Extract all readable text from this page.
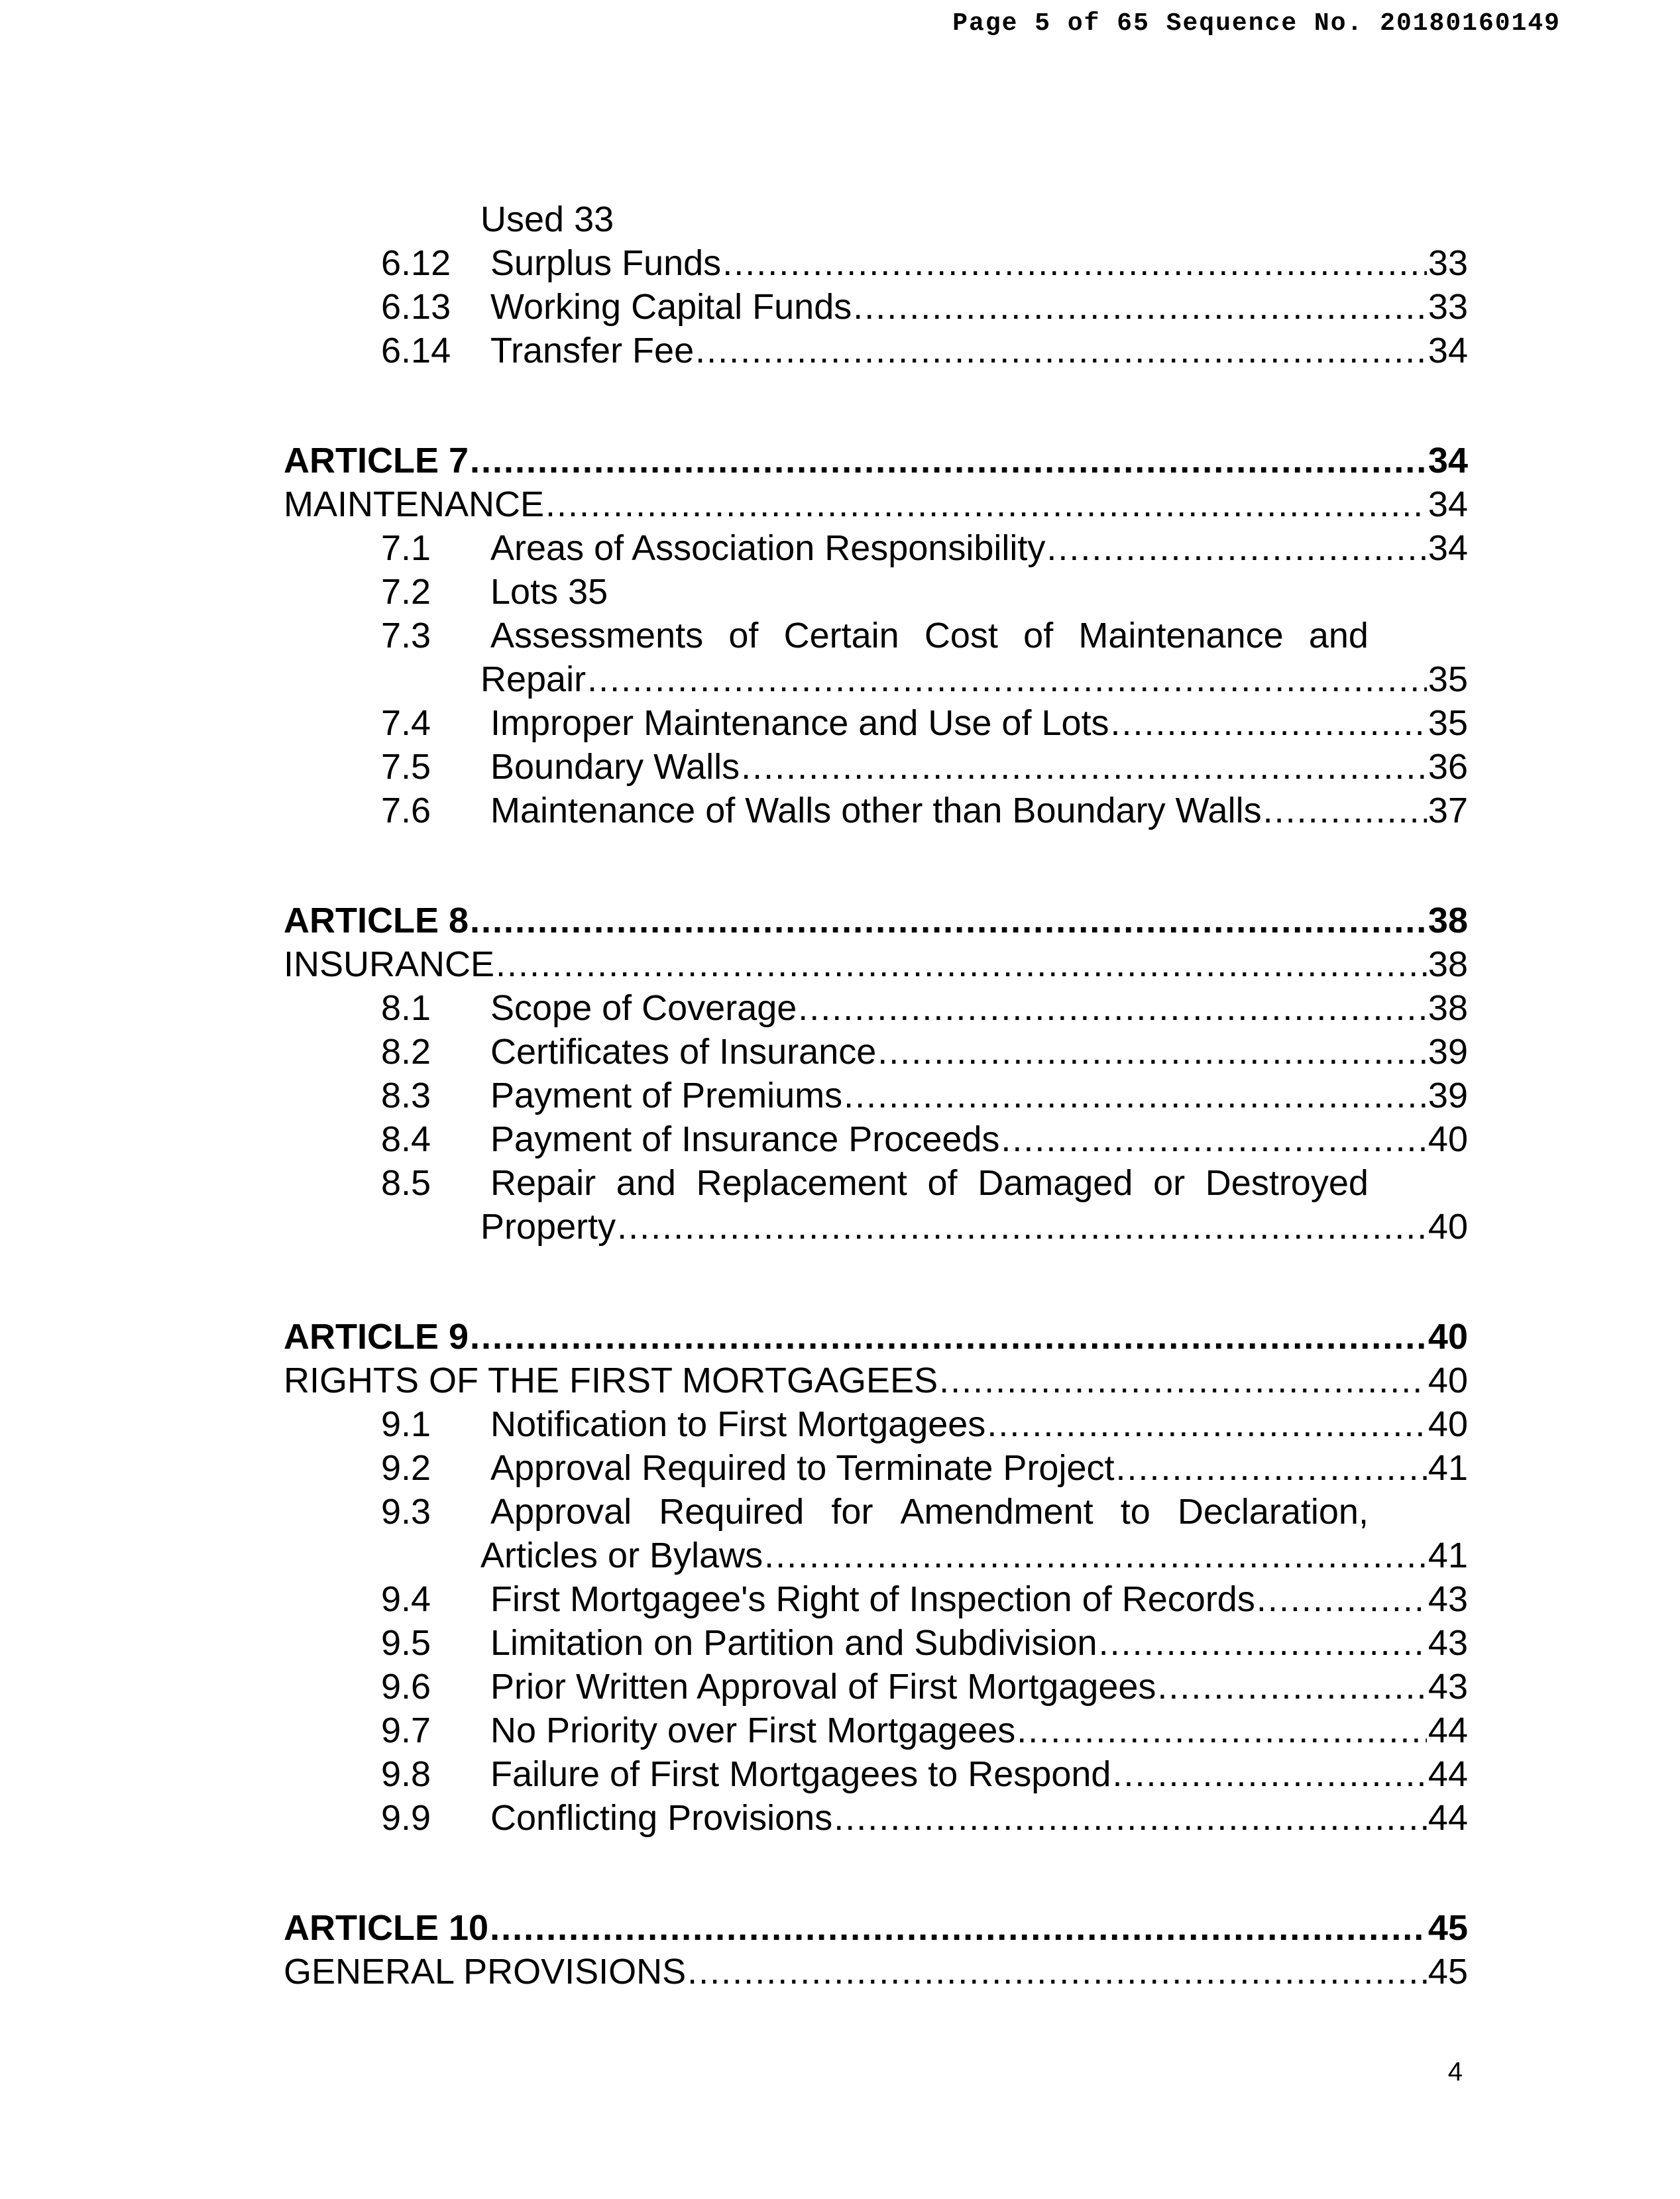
Page 5 of 65 Sequence No. 20180160149
Used 33
6.12 Surplus Funds .....	33
6.13 Working Capital Funds .....	33
6.14 Transfer Fee .....	34
ARTICLE 7 .....	34
MAINTENANCE .....	34
7.1 Areas of Association Responsibility .....	34
7.2 Lots 35
7.3 Assessments of Certain Cost of Maintenance and
Repair .....	35
7.4 Improper Maintenance and Use of Lots .....	35
7.5 Boundary Walls .....	36
7.6 Maintenance of Walls other than Boundary Walls .....	37
ARTICLE 8 .....	38
INSURANCE .....	38
8.1 Scope of Coverage .....	38
8.2 Certificates of Insurance .....	39
8.3 Payment of Premiums .....	39
8.4 Payment of Insurance Proceeds .....	40
8.5 Repair and Replacement of Damaged or Destroyed
Property .....	40
ARTICLE 9 .....	40
RIGHTS OF THE FIRST MORTGAGEES .....	40
9.1 Notification to First Mortgagees .....	40
9.2 Approval Required to Terminate Project .....	41
9.3 Approval Required for Amendment to Declaration,
Articles or Bylaws .....	41
9.4 First Mortgagee's Right of Inspection of Records .....	43
9.5 Limitation on Partition and Subdivision .....	43
9.6 Prior Written Approval of First Mortgagees .....	43
9.7 No Priority over First Mortgagees .....	44
9.8 Failure of First Mortgagees to Respond .....	44
9.9 Conflicting Provisions .....	44
ARTICLE 10 .....	45
GENERAL PROVISIONS .....	45
4
